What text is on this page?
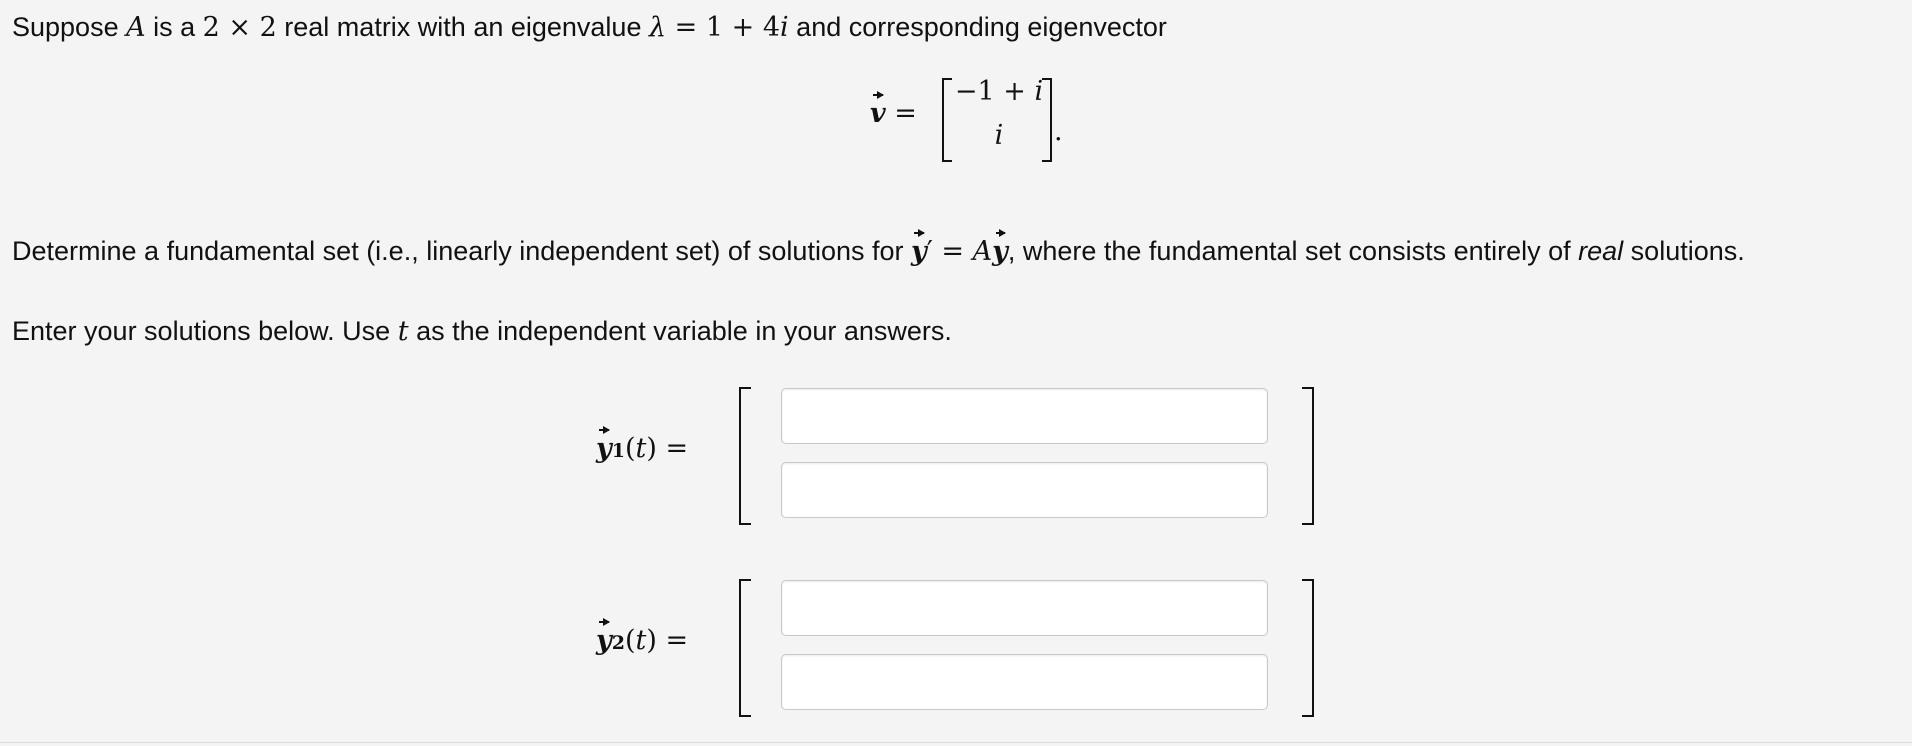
Suppose A is a 2 × 2 real matrix with an eigenvalue λ = 1 + 4i and corresponding eigenvector
v =
−1 + i
i	.
Determine a fundamental set (i.e., linearly independent set) of solutions for y′ = Ay, where the fundamental set consists entirely of real solutions.
Enter your solutions below. Use t as the independent variable in your answers.
y1(t) =
y2(t) =
